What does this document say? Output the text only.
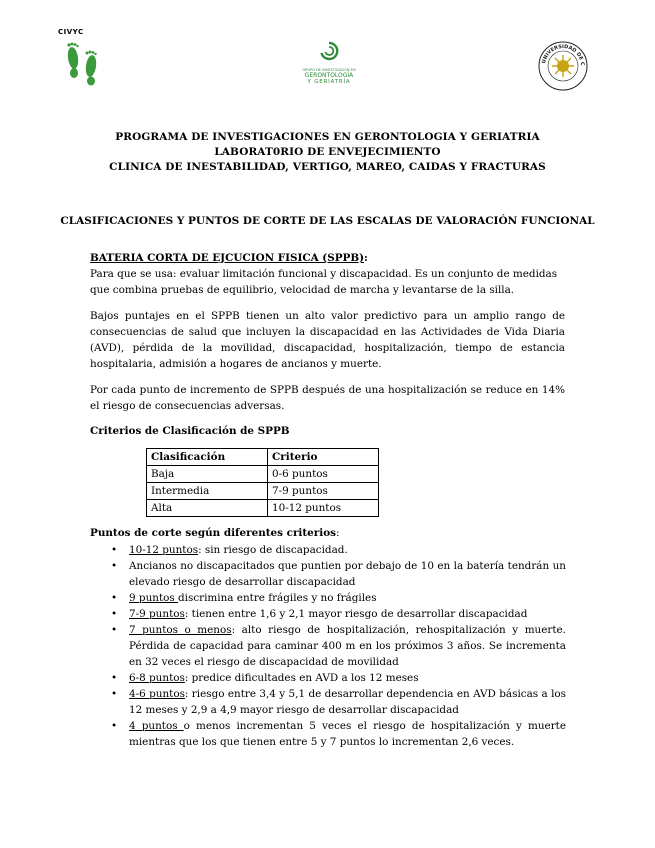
CIVYC
GRUPO DE INVESTIGACIÓN EN
GERONTOLOGÍA
Y GERIATRÍA
UNIVERSIDAD DE C
PROGRAMA DE INVESTIGACIONES EN GERONTOLOGIA Y GERIATRIA
LABORAT0RIO DE ENVEJECIMIENTO
CLINICA DE INESTABILIDAD, VERTIGO, MAREO, CAIDAS Y FRACTURAS
CLASIFICACIONES Y PUNTOS DE CORTE DE LAS ESCALAS DE VALORACIÓN FUNCIONAL
BATERIA CORTA DE EJCUCION FISICA (SPPB):
Para que se usa: evaluar limitación funcional y discapacidad. Es un conjunto de medidas que combina pruebas de equilibrio, velocidad de marcha y levantarse de la silla.
Bajos puntajes en el SPPB tienen un alto valor predictivo para un amplio rango de consecuencias de salud que incluyen la discapacidad en las Actividades de Vida Diaria (AVD), pérdida de la movilidad, discapacidad, hospitalización, tiempo de estancia hospitalaria, admisión a hogares de ancianos y muerte.
Por cada punto de incremento de SPPB después de una hospitalización se reduce en 14% el riesgo de consecuencias adversas.
Criterios de Clasificación de SPPB
Clasificación	Criterio
Baja	0-6 puntos
Intermedia	7-9 puntos
Alta	10-12 puntos
Puntos de corte según diferentes criterios:
• 10-12 puntos: sin riesgo de discapacidad.
• Ancianos no discapacitados que puntien por debajo de 10 en la batería tendrán un elevado riesgo de desarrollar discapacidad
• 9 puntos discrimina entre frágiles y no frágiles
• 7-9 puntos: tienen entre 1,6 y 2,1 mayor riesgo de desarrollar discapacidad
• 7 puntos o menos: alto riesgo de hospitalización, rehospitalización y muerte. Pérdida de capacidad para caminar 400 m en los próximos 3 años. Se incrementa en 32 veces el riesgo de discapacidad de movilidad
• 6-8 puntos: predice dificultades en AVD a los 12 meses
• 4-6 puntos: riesgo entre 3,4 y 5,1 de desarrollar dependencia en AVD básicas a los 12 meses y 2,9 a 4,9 mayor riesgo de desarrollar discapacidad
• 4 puntos o menos incrementan 5 veces el riesgo de hospitalización y muerte mientras que los que tienen entre 5 y 7 puntos lo incrementan 2,6 veces.
